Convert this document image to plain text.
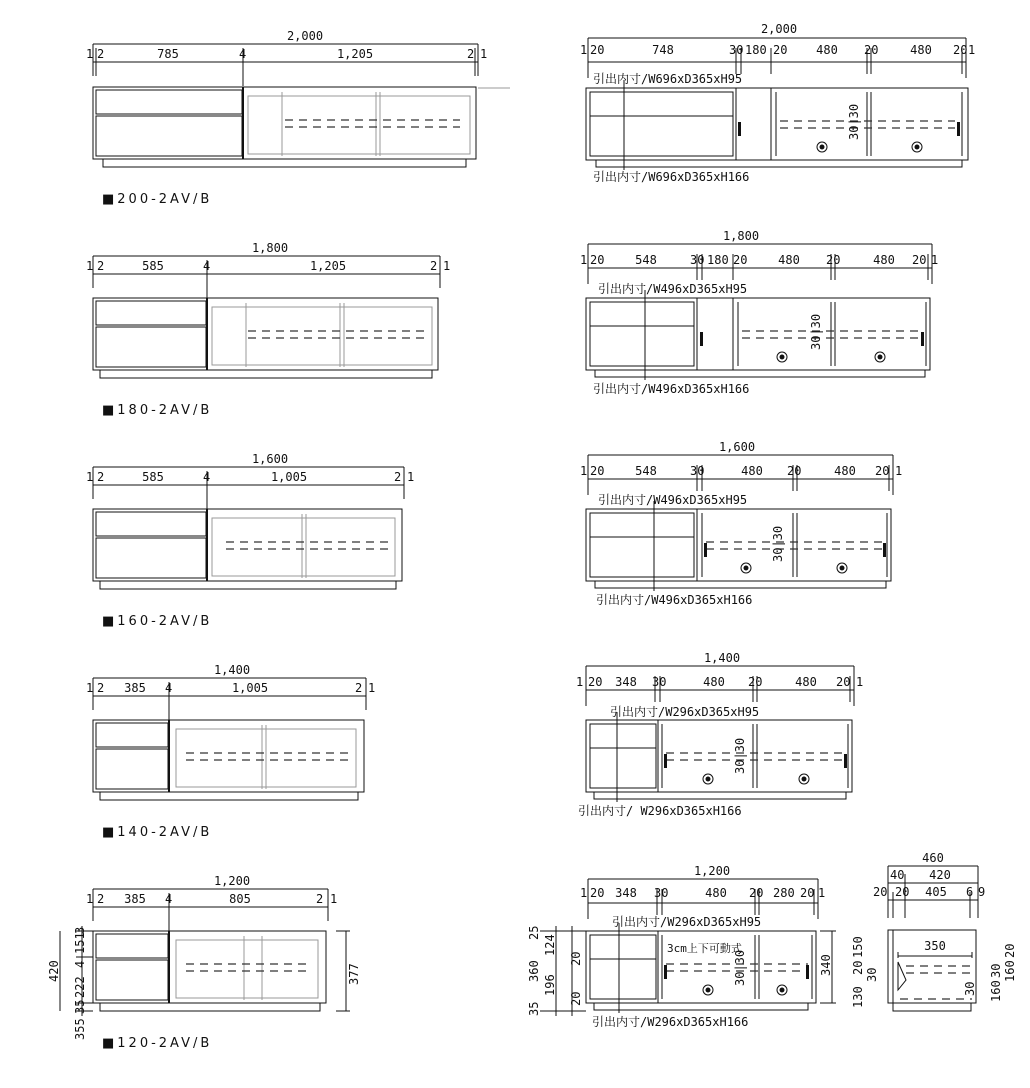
2,000
1 2	785	4	1,205	2 1
■200-2AV/B
2,000
1 20	748	30 180 20 480 20	480 20 1
引出内寸/W696xD365xH95
30|30
引出内寸/W696xD365xH166
1,800
1 2	585	4	1,205	2 1
■180-2AV/B
1,800
1 20	548	30 180 20	480 20	480 20 1
引出内寸/W496xD365xH95
30|30
引出内寸/W496xD365xH166
1,600
1 2	585	4	1,005	2 1
■160-2AV/B
1,600
1 20	548	30	480 20	480 20 1
引出内寸/W496xD365xH95
30|30
引出内寸/W496xD365xH166
1,400
1 2 385 4	1,005	2 1
■140-2AV/B
1,400
1 20 348 30	480 20	480 20 1
引出内寸/W296xD365xH95
30|30
引出内寸/ W296xD365xH166
1,200
1 2 385 4	805	2 1
3
151
4
222
35
420
355
377
■120-2AV/B
1,200
1 20 348 30	480 20 280 20 1
引出内寸/W296xD365xH95
3cm上下可動式
30|30
引出内寸/W296xD365xH166
25
124
20
196
20
35
360	340
460
40 420
20 20 405 6 9
350
130
20
150
30	30
30 160
20
160
